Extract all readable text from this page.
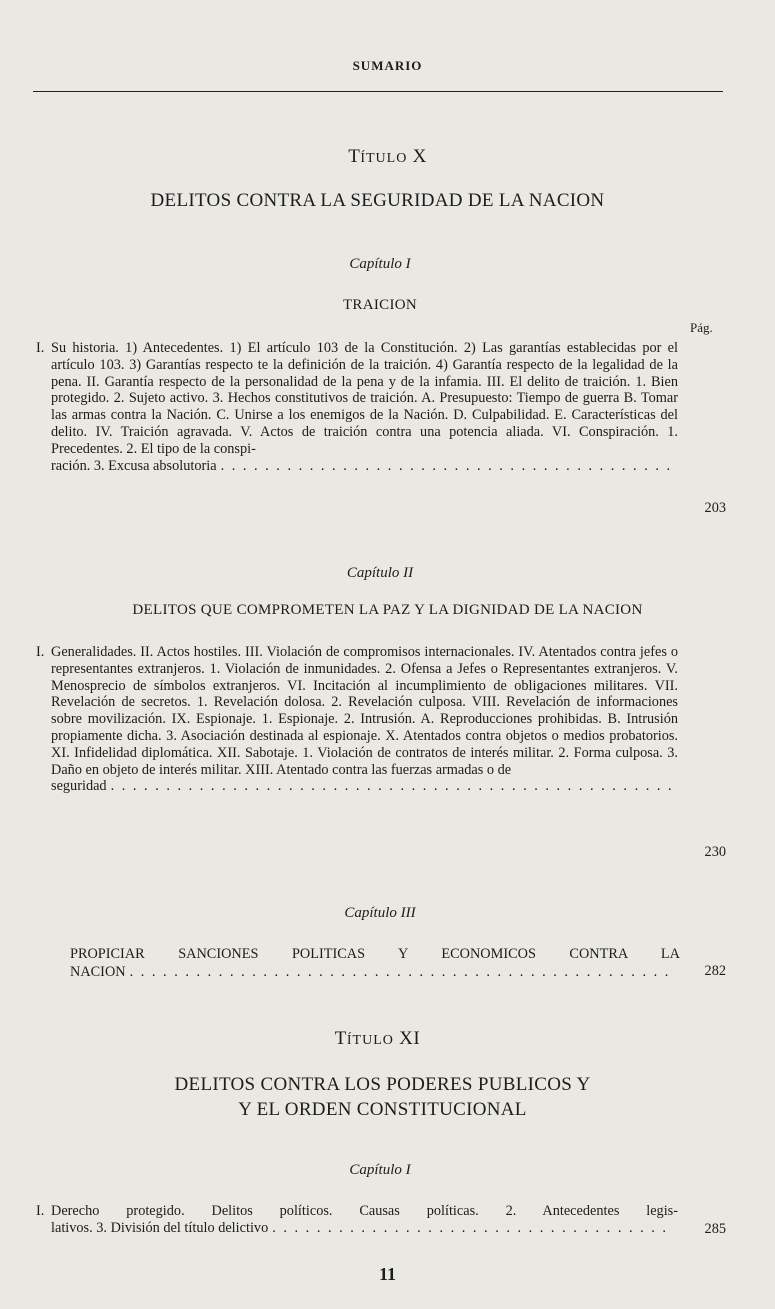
SUMARIO
TÍTULO X
DELITOS CONTRA LA SEGURIDAD DE LA NACION
Capítulo I
TRAICION
Pág.
I. Su historia. 1) Antecedentes. 1) El artículo 103 de la Constitución. 2) Las garantías establecidas por el artículo 103. 3) Garantías respecto te la definición de la traición. 4) Garantía respecto de la legalidad de la pena. II. Garantía respecto de la personalidad de la pena y de la infamia. III. El delito de traición. 1. Bien protegido. 2. Sujeto activo. 3. Hechos constitutivos de traición. A. Presupuesto: Tiempo de guerra B. Tomar las armas contra la Nación. C. Unirse a los enemigos de la Nación. D. Culpabilidad. E. Características del delito. IV. Traición agravada. V. Actos de traición contra una potencia aliada. VI. Conspiración. 1. Precedentes. 2. El tipo de la conspi-
ración. 3. Excusa absolutoria
. . .
203
Capítulo II
DELITOS QUE COMPROMETEN LA PAZ Y LA DIGNIDAD DE LA NACION
I. Generalidades. II. Actos hostiles. III. Violación de compromisos internacionales. IV. Atentados contra jefes o representantes extranjeros. 1. Violación de inmunidades. 2. Ofensa a Jefes o Representantes extranjeros. V. Menosprecio de símbolos extranjeros. VI. Incitación al incumplimiento de obligaciones militares. VII. Revelación de secretos. 1. Revelación dolosa. 2. Revelación culposa. VIII. Revelación de informaciones sobre movilización. IX. Espionaje. 1. Espionaje. 2. Intrusión. A. Reproducciones prohibidas. B. Intrusión propiamente dicha. 3. Asociación destinada al espionaje. X. Atentados contra objetos o medios probatorios. XI. Infidelidad diplomática. XII. Sabotaje. 1. Violación de contratos de interés militar. 2. Forma culposa. 3. Daño en objeto de interés militar. XIII. Atentado contra las fuerzas armadas o de
seguridad
. . .
230
Capítulo III
PROPICIAR SANCIONES POLITICAS Y ECONOMICOS CONTRA LA
NACION . . .	282
TÍTULO XI
DELITOS CONTRA LOS PODERES PUBLICOS Y
Y EL ORDEN CONSTITUCIONAL
Capítulo I
I. Derecho protegido. Delitos políticos. Causas políticas. 2. Antecedentes legis-
lativos. 3. División del título delictivo . . .	285
11
